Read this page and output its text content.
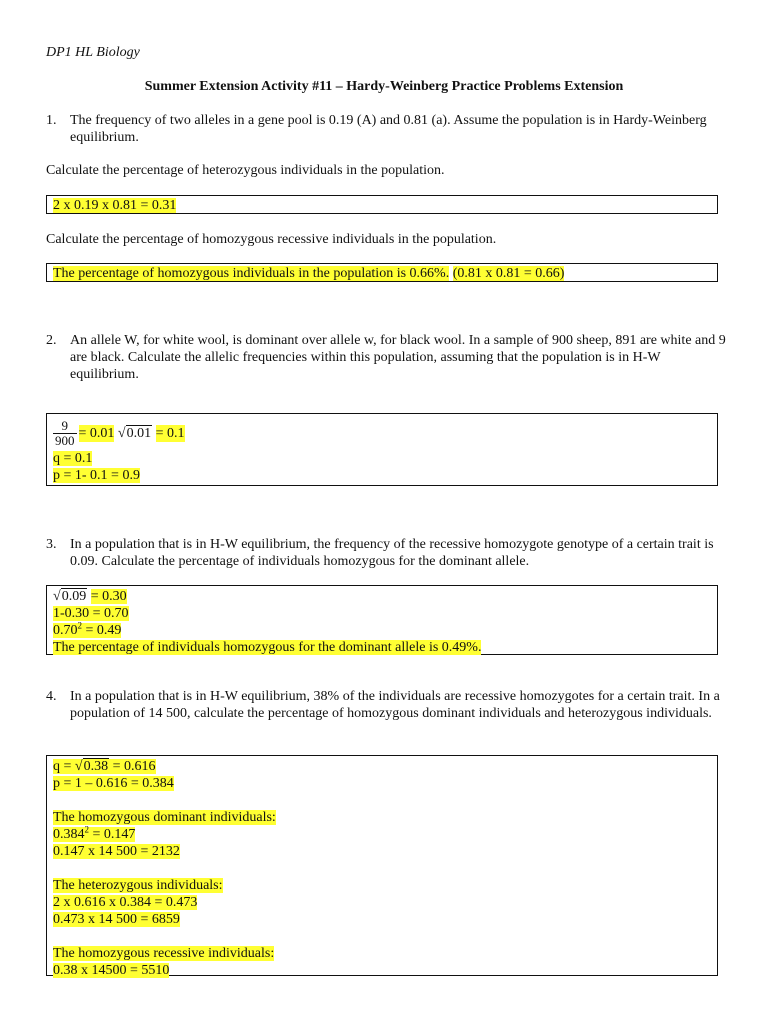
DP1 HL Biology
Summer Extension Activity #11 – Hardy-Weinberg Practice Problems Extension
1. The frequency of two alleles in a gene pool is 0.19 (A) and 0.81 (a). Assume the population is in Hardy-Weinberg equilibrium.
Calculate the percentage of heterozygous individuals in the population.
2 x 0.19 x 0.81 = 0.31
Calculate the percentage of homozygous recessive individuals in the population.
The percentage of homozygous individuals in the population is 0.66%. (0.81 x 0.81 = 0.66)
2. An allele W, for white wool, is dominant over allele w, for black wool. In a sample of 900 sheep, 891 are white and 9 are black. Calculate the allelic frequencies within this population, assuming that the population is in H-W equilibrium.
$\frac{9}{900} = 0.01$
√0.01
= 0.1
q = 0.1
p = 1- 0.1 = 0.9
3. In a population that is in H-W equilibrium, the frequency of the recessive homozygote genotype of a certain trait is 0.09. Calculate the percentage of individuals homozygous for the dominant allele.
√0.09 = 0.30
1-0.30 = 0.70
$0.70^2 = 0.49$
The percentage of individuals homozygous for the dominant allele is 0.49%.
4. In a population that is in H-W equilibrium, 38% of the individuals are recessive homozygotes for a certain trait. In a population of 14 500, calculate the percentage of homozygous dominant individuals and heterozygous individuals.
q = √0.38 = 0.616
p = 1 – 0.616 = 0.384
The homozygous dominant individuals:
$0.384^2 = 0.147$
0.147 x 14 500 = 2132
The heterozygous individuals:
2 x 0.616 x 0.384 = 0.473
0.473 x 14 500 = 6859
The homozygous recessive individuals:
0.38 x 14500 = 5510
